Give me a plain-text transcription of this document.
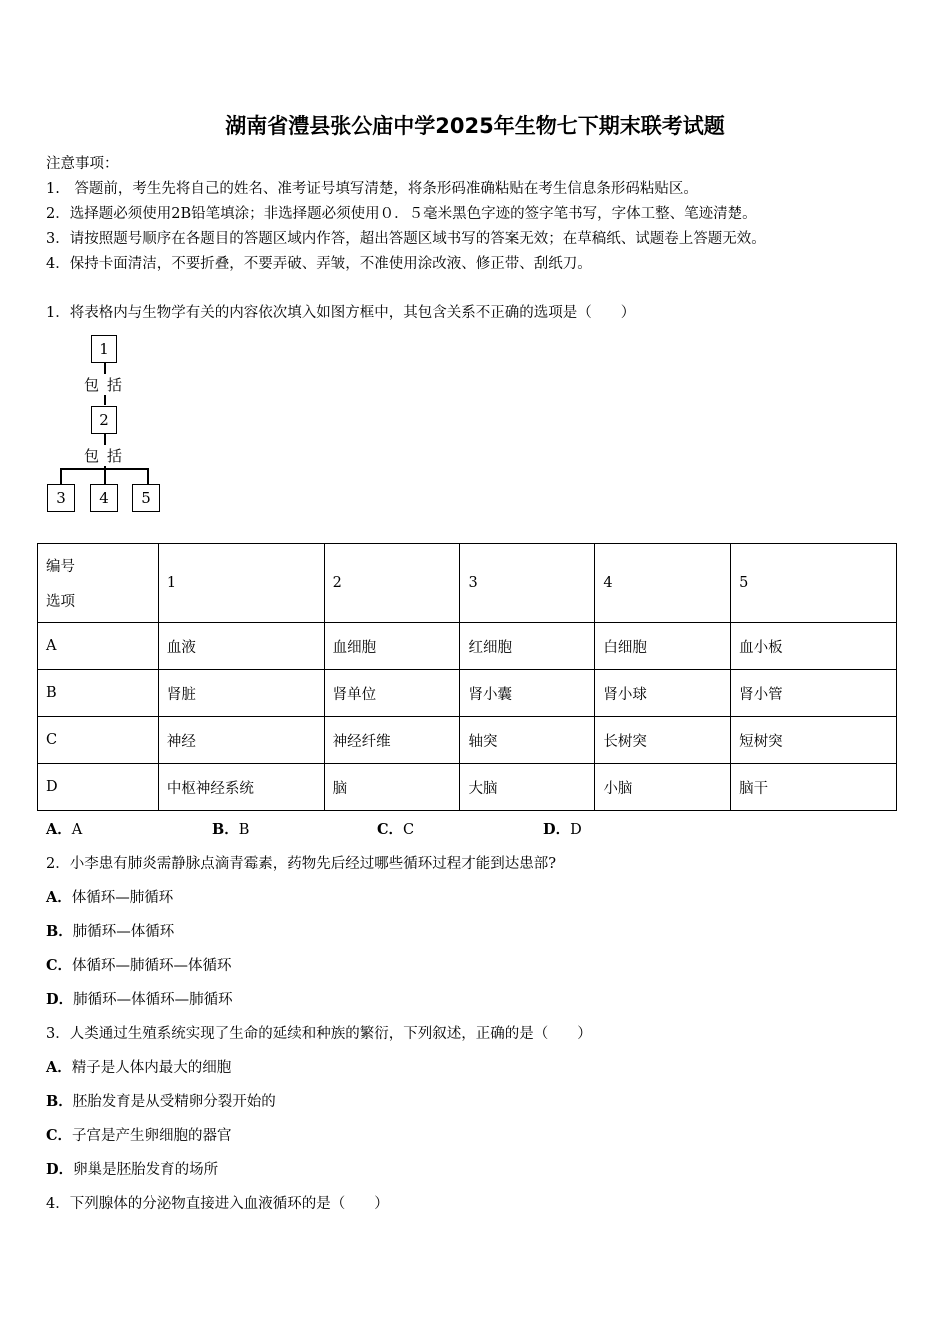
湖南省澧县张公庙中学2025年生物七下期末联考试题
注意事项：
1.　答题前，考生先将自己的姓名、准考证号填写清楚，将条形码准确粘贴在考生信息条形码粘贴区。
2．选择题必须使用2B铅笔填涂；非选择题必须使用０．５毫米黑色字迹的签字笔书写，字体工整、笔迹清楚。
3．请按照题号顺序在各题目的答题区域内作答，超出答题区域书写的答案无效；在草稿纸、试题卷上答题无效。
4．保持卡面清洁，不要折叠，不要弄破、弄皱，不准使用涂改液、修正带、刮纸刀。
1．将表格内与生物学有关的内容依次填入如图方框中，其包含关系不正确的选项是（　　）
1
包括
2
包括
3	4	5
编号
选项	1	2	3	4	5
A	血液	血细胞	红细胞	白细胞	血小板
B	肾脏	肾单位	肾小囊	肾小球	肾小管
C	神经	神经纤维	轴突	长树突	短树突
D	中枢神经系统	脑	大脑	小脑	脑干
A．A	B．B	C．C	D．D
2．小李患有肺炎需静脉点滴青霉素，药物先后经过哪些循环过程才能到达患部?
A．体循环—肺循环
B．肺循环—体循环
C．体循环—肺循环—体循环
D．肺循环—体循环—肺循环
3．人类通过生殖系统实现了生命的延续和种族的繁衍，下列叙述，正确的是（　　）
A．精子是人体内最大的细胞
B．胚胎发育是从受精卵分裂开始的
C．子宫是产生卵细胞的器官
D．卵巢是胚胎发育的场所
4．下列腺体的分泌物直接进入血液循环的是（　　）
